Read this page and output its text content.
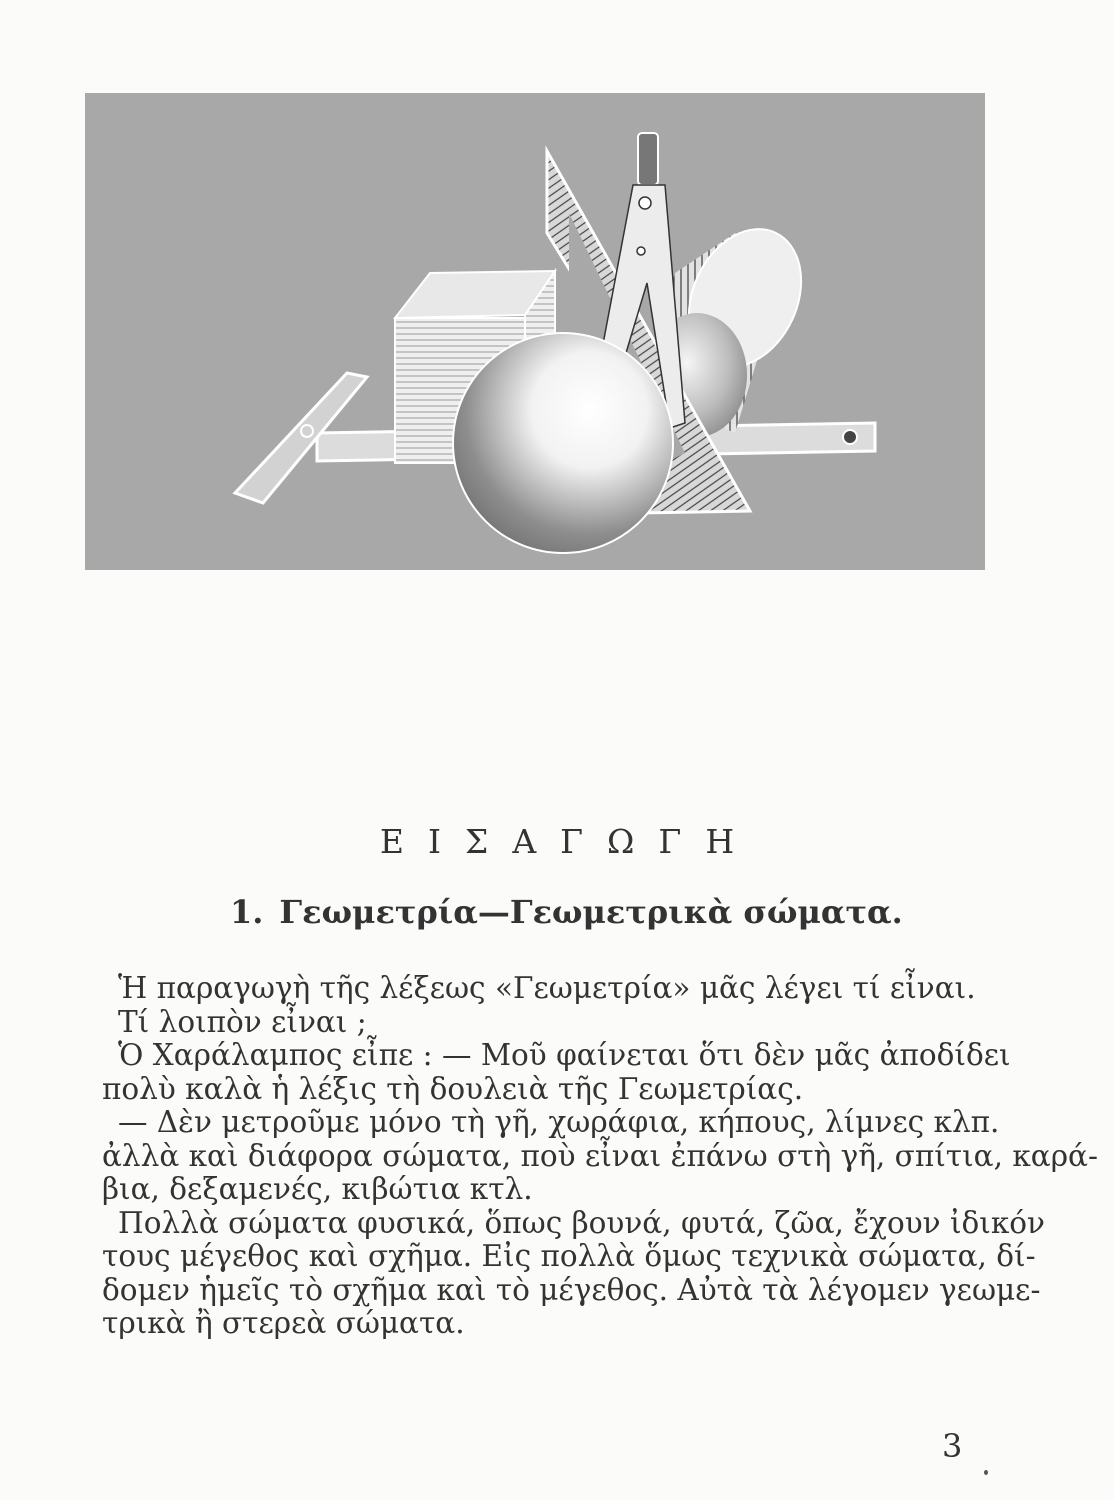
ΕΙΣΑΓΩΓΗ
1. Γεωμετρία—Γεωμετρικὰ σώματα.
Ἡ παραγωγὴ τῆς λέξεως «Γεωμετρία» μᾶς λέγει τί εἶναι.
Τί λοιπὸν εἶναι ;
Ὁ Χαράλαμπος εἶπε : — Μοῦ φαίνεται ὅτι δὲν μᾶς ἀποδίδει
πολὺ καλὰ ἡ λέξις τὴ δουλειὰ τῆς Γεωμετρίας.
— Δὲν μετροῦμε μόνο τὴ γῆ, χωράφια, κήπους, λίμνες κλπ.
ἀλλὰ καὶ διάφορα σώματα, ποὺ εἶναι ἐπάνω στὴ γῆ, σπίτια, καρά-
βια, δεξαμενές, κιβώτια κτλ.
Πολλὰ σώματα φυσικά, ὅπως βουνά, φυτά, ζῶα, ἔχουν ἰδικόν
τους μέγεθος καὶ σχῆμα. Εἰς πολλὰ ὅμως τεχνικὰ σώματα, δί-
δομεν ἡμεῖς τὸ σχῆμα καὶ τὸ μέγεθος. Αὐτὰ τὰ λέγομεν γεωμε-
τρικὰ ἢ στερεὰ σώματα.
3
